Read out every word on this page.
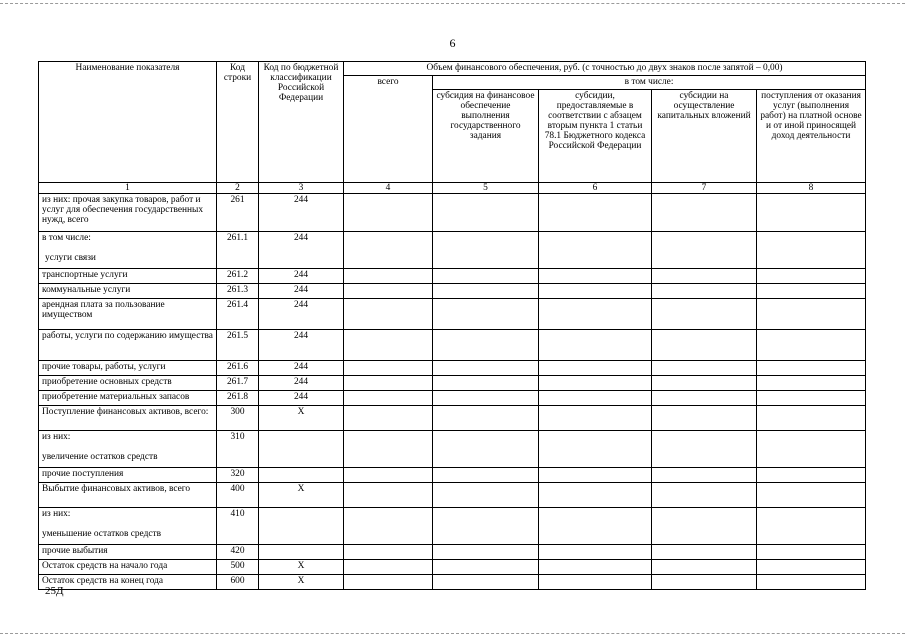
6
Наименование показателя	Код строки	Код по бюджетной классификации Российской Федерации	Объем финансового обеспечения, руб. (с точностью до двух знаков после запятой – 0,00)				
			всего	в том числе:			
				субсидия на финансовое обеспечение выполнения государственного задания	субсидии, предоставляемые в соответствии с абзацем вторым пункта 1 статьи 78.1 Бюджетного кодекса Российской Федерации	субсидии на осуществление капитальных вложений	поступления от оказания услуг (выполнения работ) на платной основе и от иной приносящей доход деятельности
1	2	3	4	5	6	7	8

из них: прочая закупка товаров, работ и услуг для обеспечения государственных нужд, всего	261	244					

в том числе:
услуги связи	261.1	244					

транспортные услуги	261.2	244					

коммунальные услуги	261.3	244					

арендная плата за пользование имуществом	261.4	244					

работы, услуги по содержанию имущества	261.5	244					

прочие товары, работы, услуги	261.6	244					

приобретение основных средств	261.7	244					

приобретение материальных запасов	261.8	244					

Поступление финансовых активов, всего:	300	Х					

из них:
увеличение остатков средств	310						

прочие поступления	320						

Выбытие финансовых активов, всего	400	Х					

из них:
уменьшение остатков средств	410						

прочие выбытия	420						

Остаток средств на начало года	500	Х					

Остаток средств на конец года	600	Х					
25Д
